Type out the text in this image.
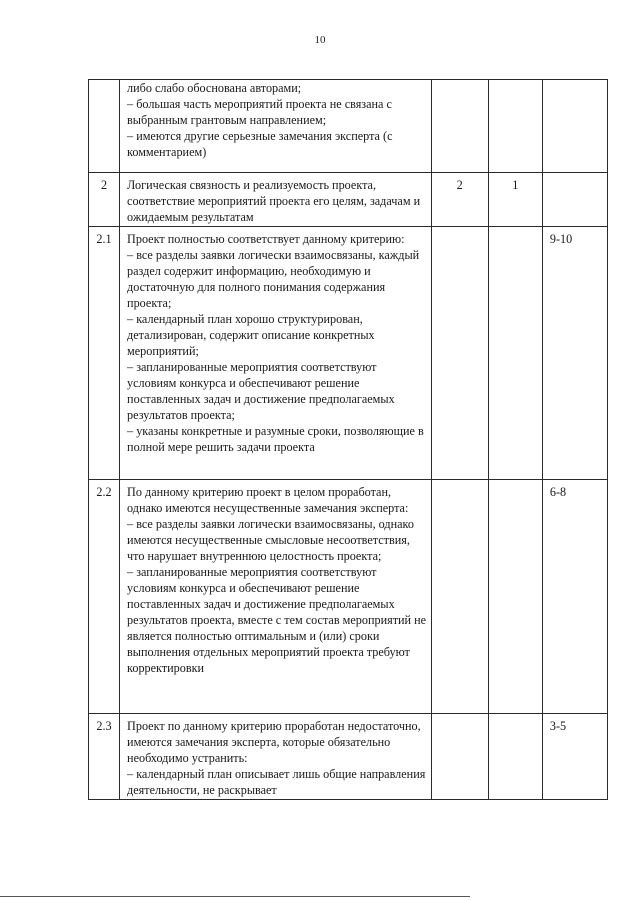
10

	либо слабо обоснована авторами;
– большая часть мероприятий проекта не связана с выбранным грантовым направлением;
– имеются другие серьезные замечания эксперта (с комментарием)			

2	Логическая связность и реализуемость проекта, соответствие мероприятий проекта его целям, задачам и ожидаемым результатам	2	1	

2.1	Проект полностью соответствует данному критерию:
– все разделы заявки логически взаимосвязаны, каждый раздел содержит информацию, необходимую и достаточную для полного понимания содержания проекта;
– календарный план хорошо структурирован, детализирован, содержит описание конкретных мероприятий;
– запланированные мероприятия соответствуют условиям конкурса и обеспечивают решение поставленных задач и достижение предполагаемых результатов проекта;
– указаны конкретные и разумные сроки, позволяющие в полной мере решить задачи проекта			9-10

2.2	По данному критерию проект в целом проработан, однако имеются несущественные замечания эксперта:
– все разделы заявки логически взаимосвязаны, однако имеются несущественные смысловые несоответствия, что нарушает внутреннюю целостность проекта;
– запланированные мероприятия соответствуют условиям конкурса и обеспечивают решение поставленных задач и достижение предполагаемых результатов проекта, вместе с тем состав мероприятий не является полностью оптимальным и (или) сроки выполнения отдельных мероприятий проекта требуют корректировки			6-8

2.3	Проект по данному критерию проработан недостаточно, имеются замечания эксперта, которые обязательно необходимо устранить:
– календарный план описывает лишь общие направления деятельности, не раскрывает			3-5
